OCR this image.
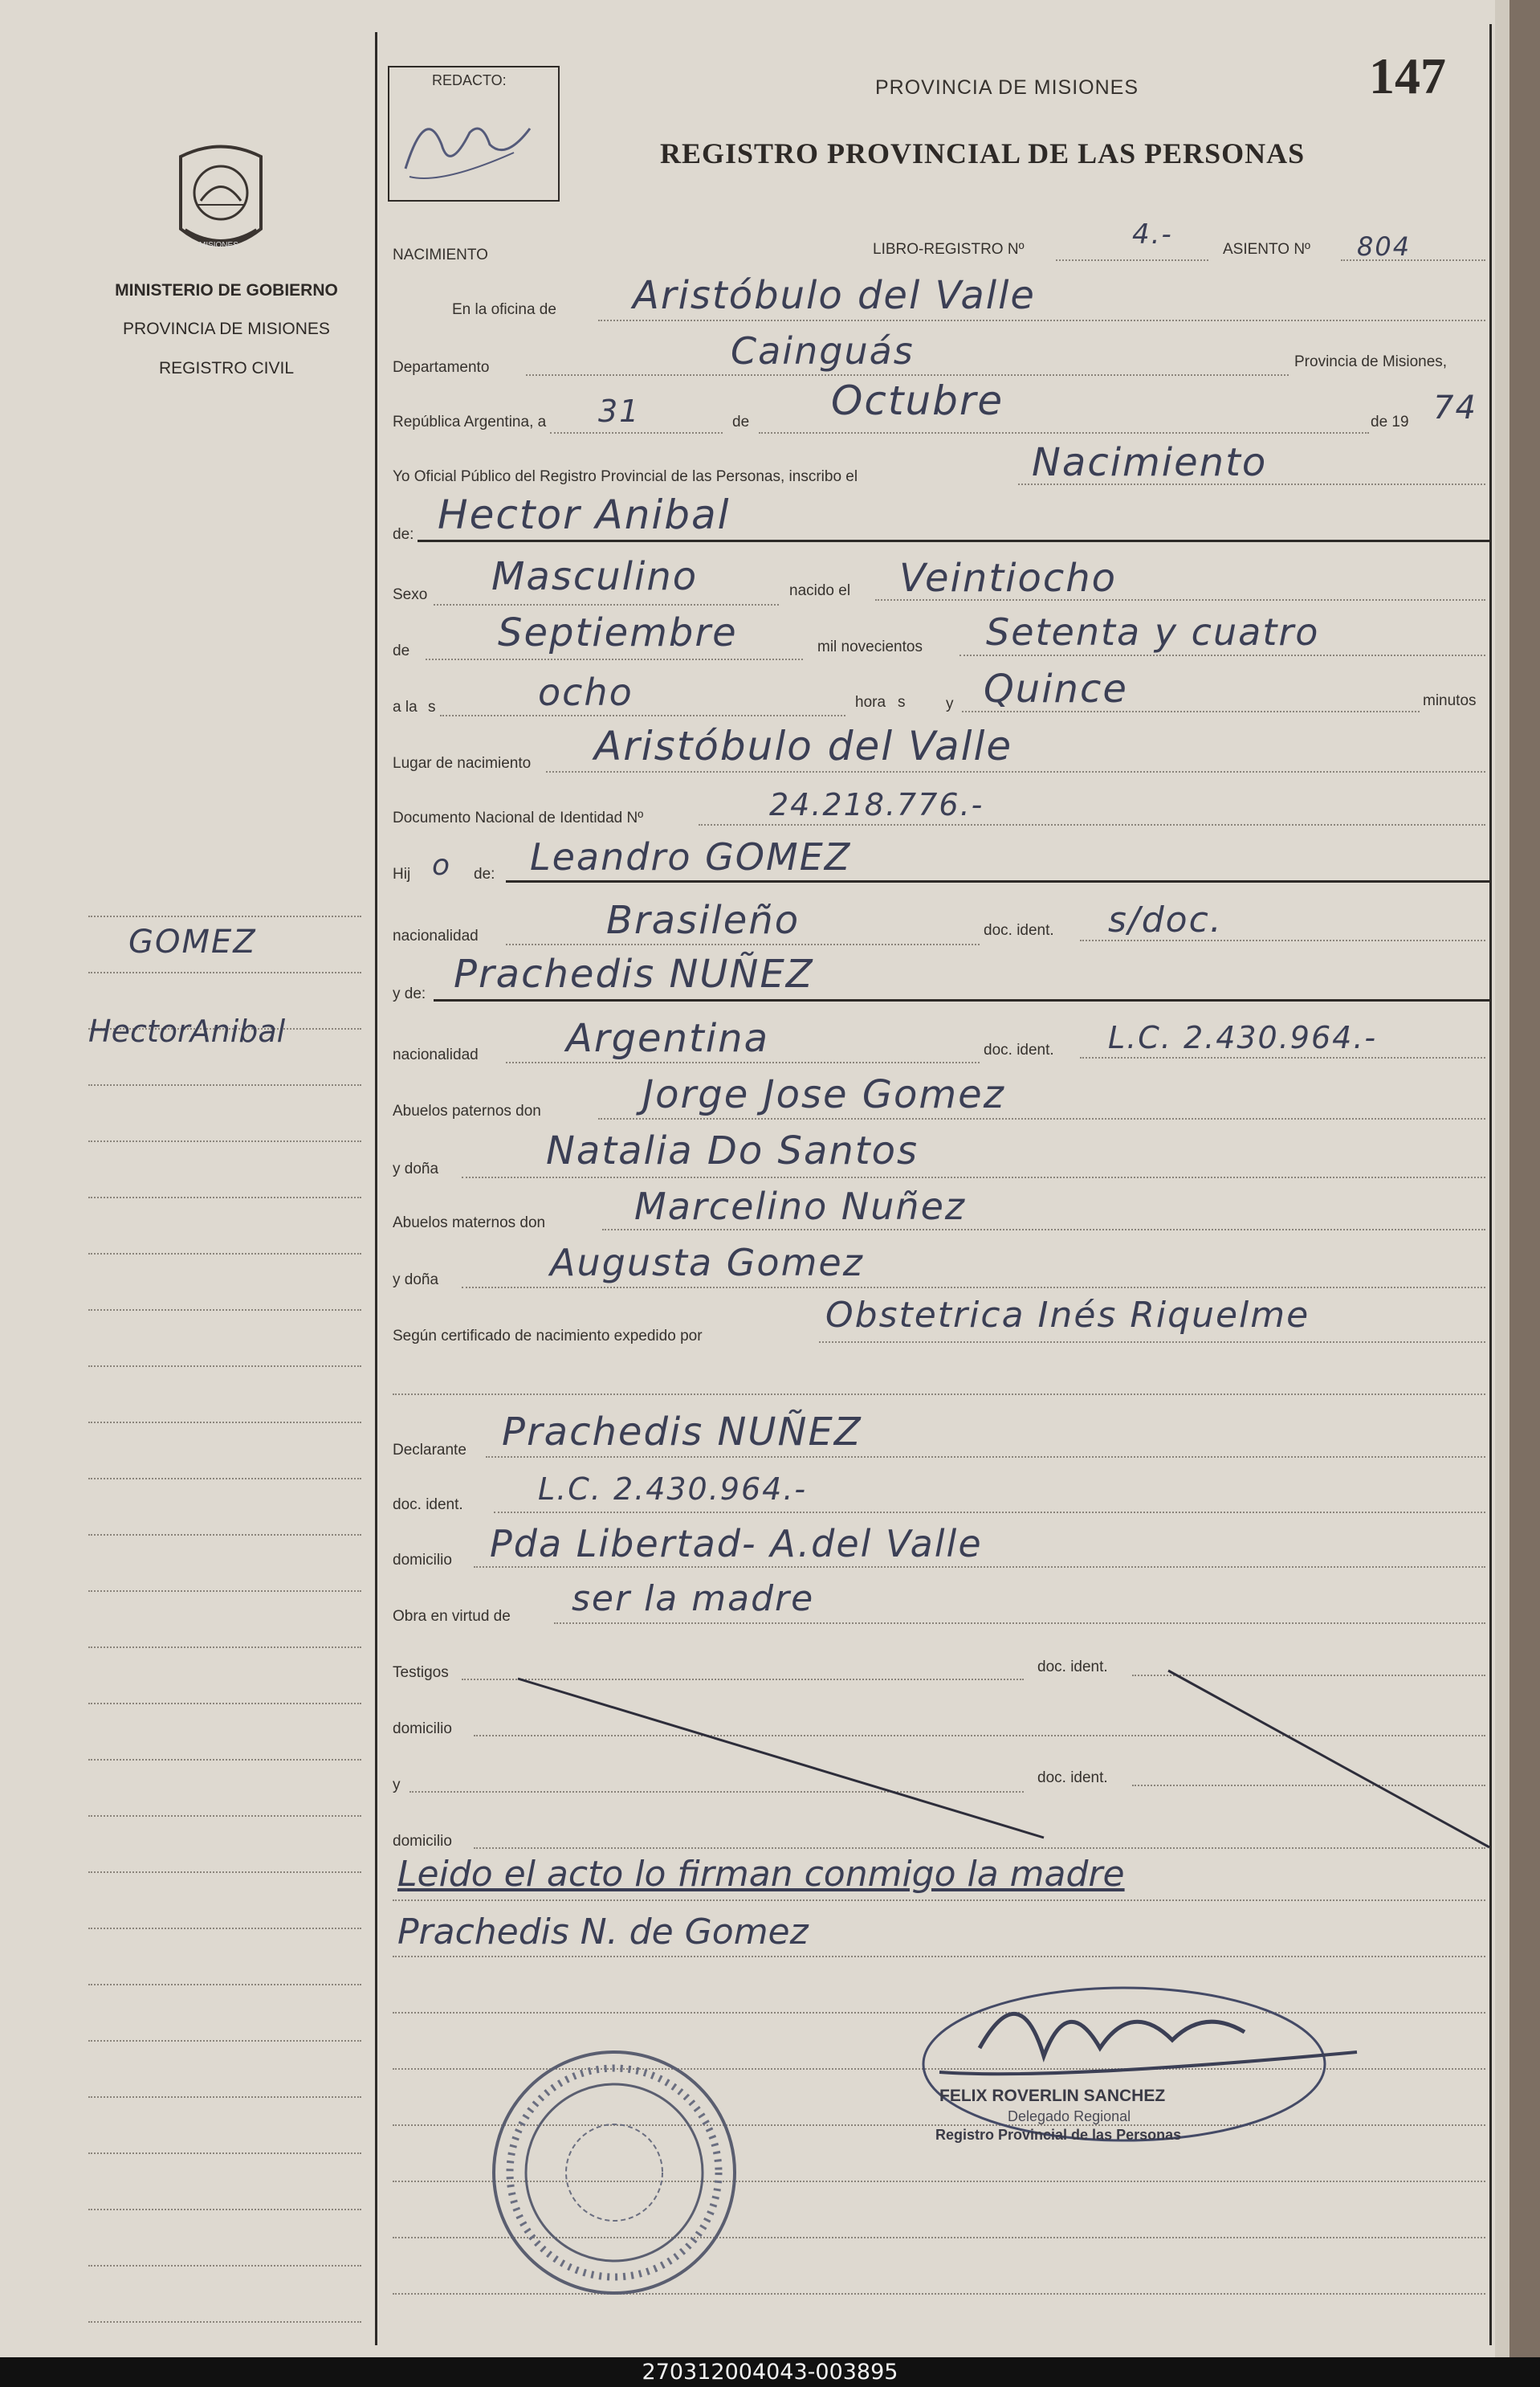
MISIONES
MINISTERIO DE GOBIERNO
PROVINCIA DE MISIONES
REGISTRO CIVIL
GOMEZ
HectorAnibal
REDACTO:	PROVINCIA DE MISIONES	147
REGISTRO PROVINCIAL DE LAS PERSONAS
NACIMIENTO	LIBRO-REGISTRO Nº	4.-	ASIENTO Nº 804
En la oficina de Aristóbulo del Valle
Departamento	Cainguás	Provincia de Misiones,
República Argentina, a 31	de Octubre	de 19 74
Yo Oficial Público del Registro Provincial de las Personas, inscribo el	Nacimiento
de: Hector Anibal
Sexo Masculino	nacido el Veintiocho
de Septiembre	mil novecientos Setenta y cuatro
a la s	ocho	hora s	y Quince	minutos
Lugar de nacimiento Aristóbulo del Valle
Documento Nacional de Identidad Nº	24.218.776.-
Hij o de: Leandro GOMEZ
nacionalidad	Brasileño	doc. ident. s/doc.
y de: Prachedis NUÑEZ
nacionalidad Argentina	doc. ident. L.C. 2.430.964.-
Abuelos paternos don	Jorge Jose Gomez
y doña	Natalia Do Santos
Abuelos maternos don Marcelino Nuñez
y doña	Augusta Gomez
Según certificado de nacimiento expedido por
Obstetrica Inés Riquelme
Declarante Prachedis NUÑEZ
doc. ident. L.C. 2.430.964.-
domicilio Pda Libertad- A.del Valle
Obra en virtud de ser la madre
Testigos	doc. ident.
domicilio
y	doc. ident.
domicilio
Leido el acto lo firman conmigo la madre
Prachedis N. de Gomez
FELIX ROVERLIN SANCHEZ
Delegado Regional
Registro Provincial de las Personas
270312004043-003895
